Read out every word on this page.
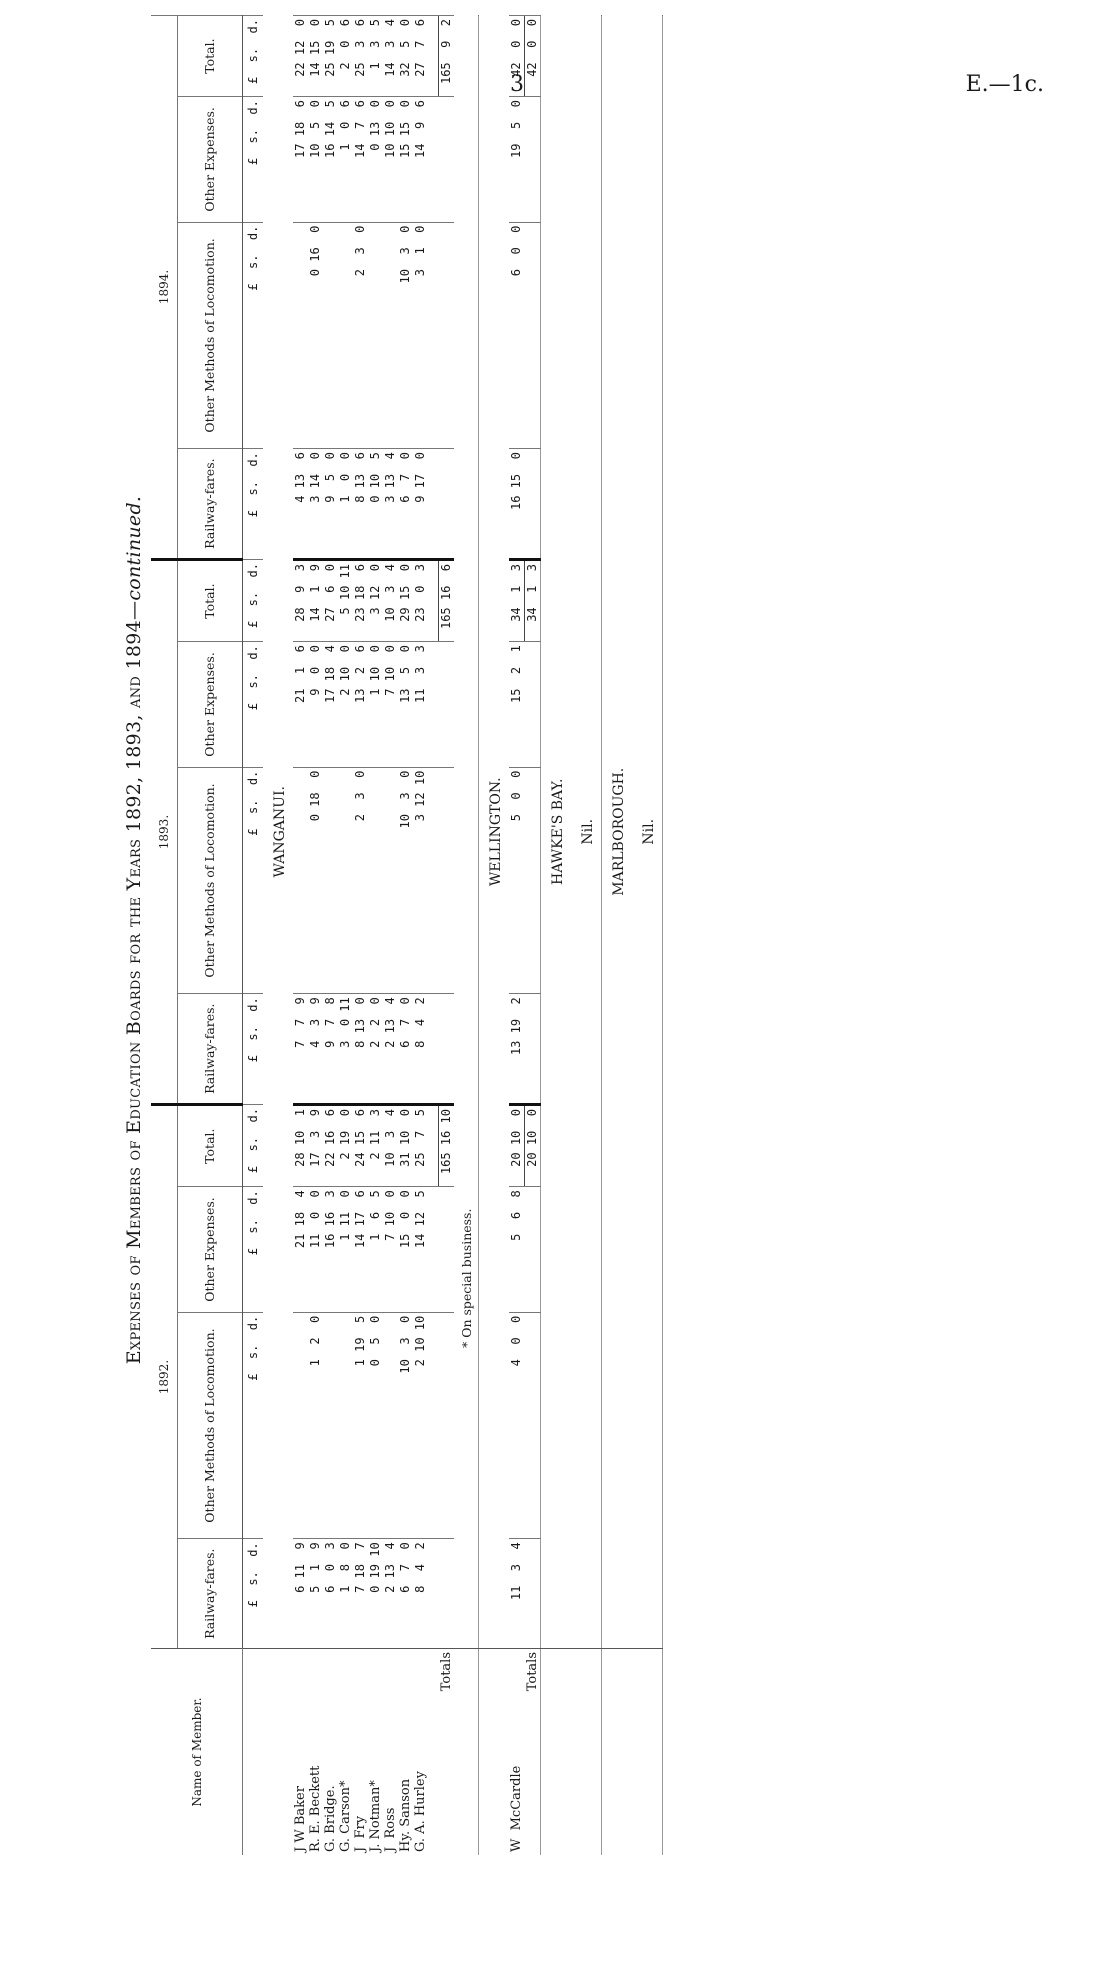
3	E.—1c.
Expenses of Members of Education Boards for the Years 1892, 1893, and 1894—continued.
Name of Member.	1892.				1893.				1894.			
	Railway-fares.	Other Methods of Locomotion.	Other Expenses.	Total.	Railway-fares.	Other Methods of Locomotion.	Other Expenses.	Total.	Railway-fares.	Other Methods of Locomotion.	Other Expenses.	Total.
	£  s.  d.	£  s.  d.	£  s.  d.	£  s.  d.	£  s.  d.	£  s.  d.	£  s.  d.	£  s.  d.	£  s.  d.	£  s.  d.	£  s.  d.	£  s.  d.
	WANGANUI.											
J W Baker	6 11  9		21 18  4	28 10  1	7  7  9		21  1  6	28  9  3	4 13  6		17 18  6	22 12  0
R. E. Beckett	5  1  9	1  2  0	11  0  0	17  3  9	4  3  9	0 18  0	9  0  0	14  1  9	3 14  0	0 16  0	10  5  0	14 15  0
G. Bridge.	6  0  3		16 16  3	22 16  6	9  7  8		17 18  4	27  6  0	9  5  0		16 14  5	25 19  5
G. Carson*	1  8  0		1 11  0	2 19  0	3  0 11		2 10  0	5 10 11	1  0  0		1  0  6	2  0  6
J  Fry	7 18  7	1 19  5	14 17  6	24 15  6	8 13  0	2  3  0	13  2  6	23 18  6	8 13  6	2  3  0	14  7  6	25  3  6
J. Notman*	0 19 10	0  5  0	1  6  5	2 11  3	2  2  0		1 10  0	3 12  0	0 10  5		0 13  0	1  3  5
J  Ross	2 13  4		7 10  0	10  3  4	2 13  4		7 10  0	10  3  4	3 13  4		10 10  0	14  3  4
Hy. Sanson	6  7  0	10  3  0	15  0  0	31 10  0	6  7  0	10  3  0	13  5  0	29 15  0	6  7  0	10  3  0	15 15  0	32  5  0
G. A. Hurley	8  4  2	2 10 10	14 12  5	25  7  5	8  4  2	3 12 10	11  3  3	23  0  3	9 17  0	3  1  0	14  9  6	27  7  6

Totals				165 16 10				165 16  6				165  9  2
	* On special business.											

	WELLINGTON.											
W  McCardle	11  3  4	4  0  0	5  6  8	20 10  0	13 19  2	5  0  0	15  2  1	34  1  3	16 15  0	6  0  0	19  5  0	42  0  0
Totals				20 10  0				34  1  3				42  0  0

	HAWKE'S BAY.											
	Nil.											

	MARLBOROUGH.											
	Nil.											
